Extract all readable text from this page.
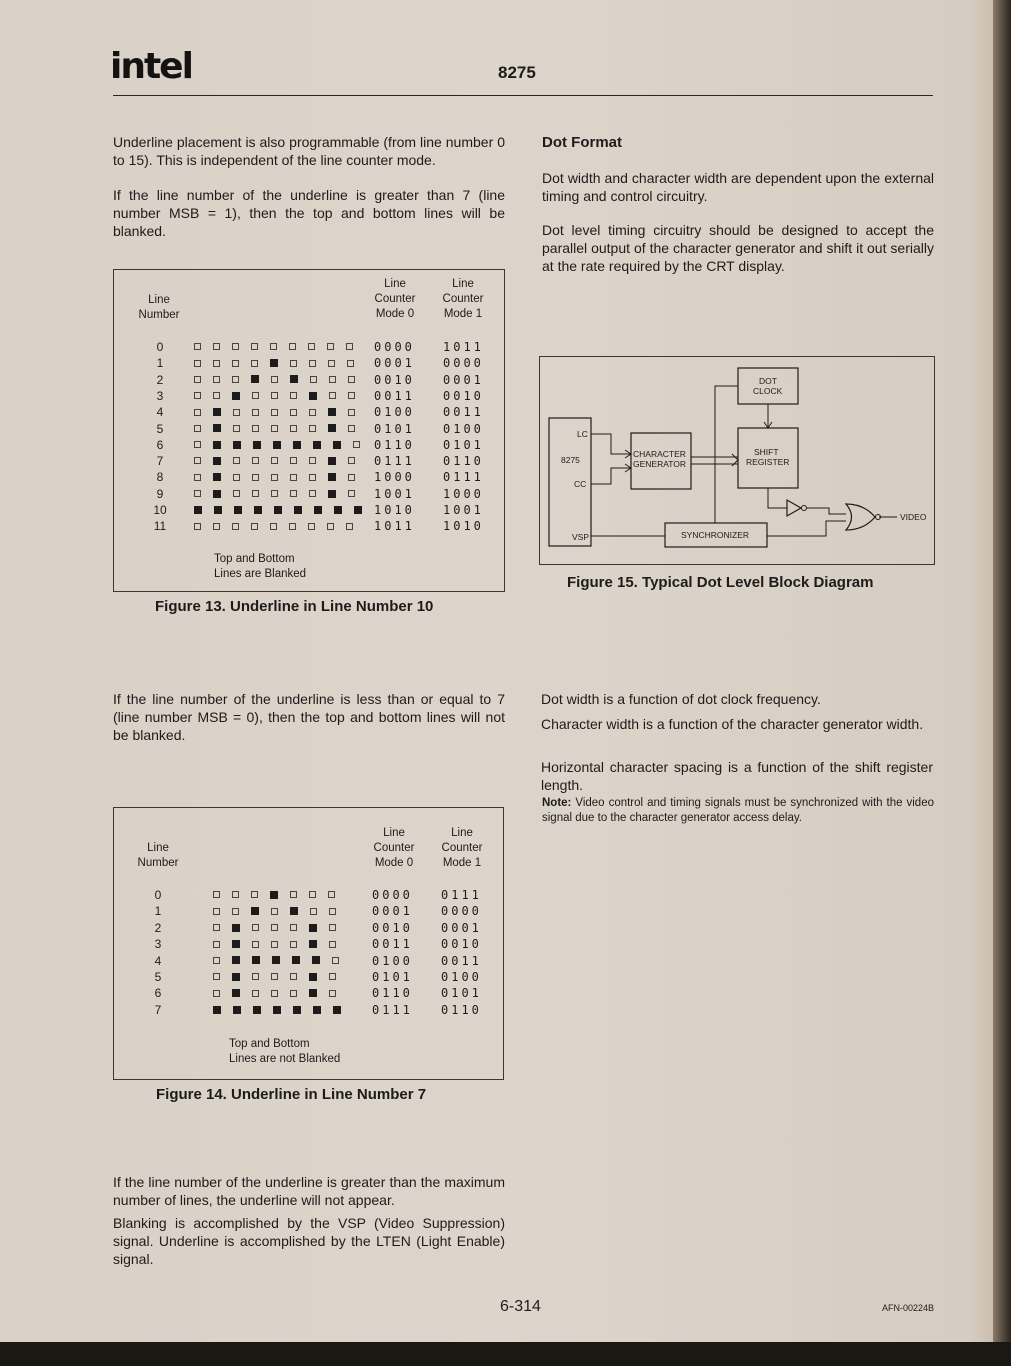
intel	8275

Underline placement is also programmable (from line number 0 to 15). This is independent of the line counter mode.

If the line number of the underline is greater than 7 (line number MSB = 1), then the top and bottom lines will be blanked.

Line
Number
Line
Counter
Mode 0
Line
Counter
Mode 1
0	0000 1011
1	0001 0000
2	0010 0001
3	0011 0010
4	0100 0011
5	0101 0100
6	0110 0101
7	0111 0110
8	1000 0111
9	1001 1000
10	1010 1001
11	1011 1010
Top and Bottom
Lines are Blanked
Figure 13. Underline in Line Number 10

If the line number of the underline is less than or equal to 7 (line number MSB = 0), then the top and bottom lines will not be blanked.

Line
Number
Line
Counter
Mode 0
Line
Counter
Mode 1
0	0000 0111
1	0001 0000
2	0010 0001
3	0011 0010
4	0100 0011
5	0101 0100
6	0110 0101
7	0111 0110
Top and Bottom
Lines are not Blanked
Figure 14. Underline in Line Number 7

If the line number of the underline is greater than the maximum number of lines, the underline will not appear.

Blanking is accomplished by the VSP (Video Suppression) signal. Underline is accomplished by the LTEN (Light Enable) signal.

Dot Format

Dot width and character width are dependent upon the external timing and control circuitry.

Dot level timing circuitry should be designed to accept the parallel output of the character generator and shift it out serially at the rate required by the CRT display.

LC
8275
CC
VSP
CHARACTER
GENERATOR
SHIFT
REGISTER
DOT
CLOCK
SYNCHRONIZER
VIDEO
Figure 15. Typical Dot Level Block Diagram

Dot width is a function of dot clock frequency.

Character width is a function of the character generator width.

Horizontal character spacing is a function of the shift register length.

Note: Video control and timing signals must be synchronized with the video signal due to the character generator access delay.
6-314	AFN-00224B
